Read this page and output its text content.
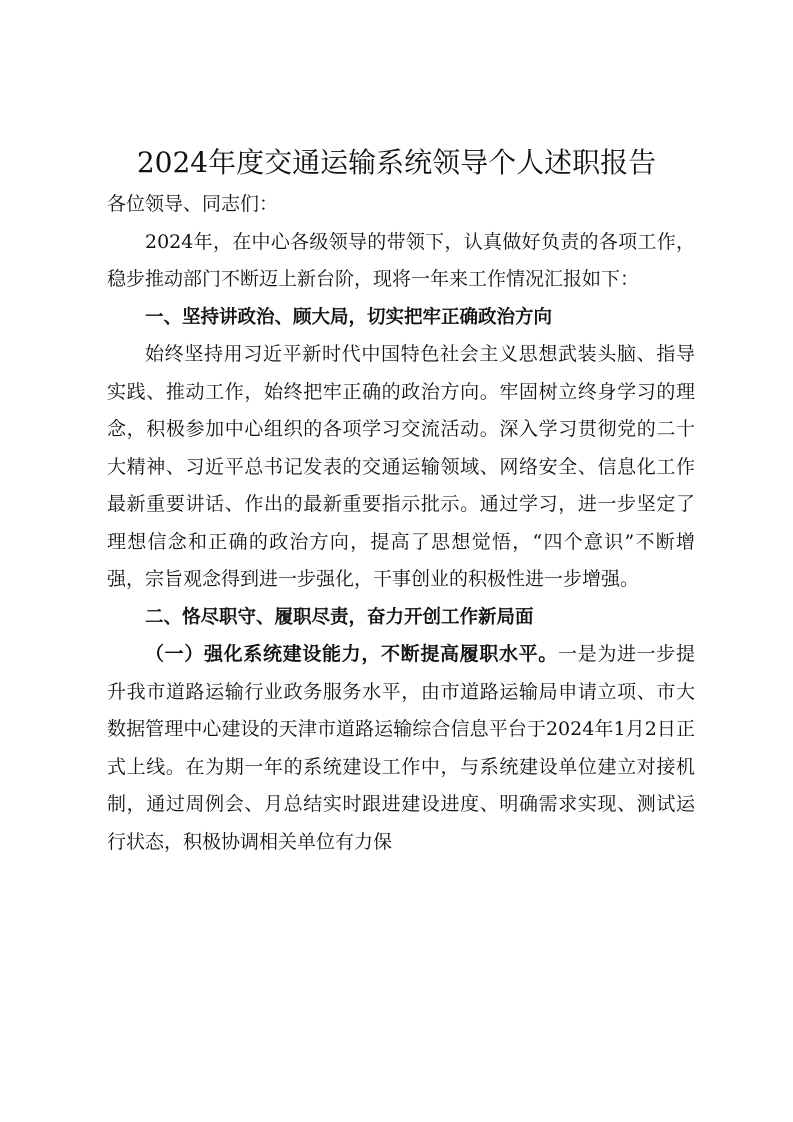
2024年度交通运输系统领导个人述职报告

各位领导、同志们：

2024年，在中心各级领导的带领下，认真做好负责的各项工作，稳步推动部门不断迈上新台阶，现将一年来工作情况汇报如下：

一、坚持讲政治、顾大局，切实把牢正确政治方向

始终坚持用习近平新时代中国特色社会主义思想武装头脑、指导实践、推动工作，始终把牢正确的政治方向。牢固树立终身学习的理念，积极参加中心组织的各项学习交流活动。深入学习贯彻党的二十大精神、习近平总书记发表的交通运输领域、网络安全、信息化工作最新重要讲话、作出的最新重要指示批示。通过学习，进一步坚定了理想信念和正确的政治方向，提高了思想觉悟，“四个意识”不断增强，宗旨观念得到进一步强化，干事创业的积极性进一步增强。

二、恪尽职守、履职尽责，奋力开创工作新局面

（一）强化系统建设能力，不断提高履职水平。一是为进一步提升我市道路运输行业政务服务水平，由市道路运输局申请立项、市大数据管理中心建设的天津市道路运输综合信息平台于2024年1月2日正式上线。在为期一年的系统建设工作中，与系统建设单位建立对接机制，通过周例会、月总结实时跟进建设进度、明确需求实现、测试运行状态，积极协调相关单位有力保
